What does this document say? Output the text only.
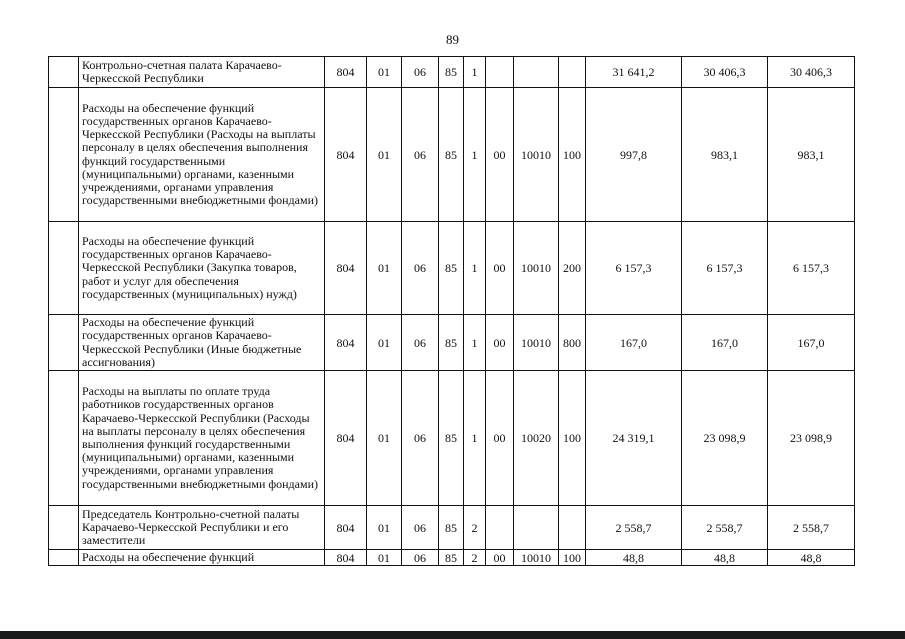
89
	Контрольно-счетная палата Карачаево-Черкесской Республики	804	01	06	85	1				31 641,2	30 406,3	30 406,3
	Расходы на обеспечение функций государственных органов Карачаево-Черкесской Республики (Расходы на выплаты персоналу в целях обеспечения выполнения функций государственными (муниципальными) органами, казенными учреждениями, органами управления государственными внебюджетными фондами)	804	01	06	85	1	00	10010	100	997,8	983,1	983,1
	Расходы на обеспечение функций государственных органов Карачаево-Черкесской Республики (Закупка товаров, работ и услуг для обеспечения государственных (муниципальных) нужд)	804	01	06	85	1	00	10010	200	6 157,3	6 157,3	6 157,3
	Расходы на обеспечение функций государственных органов Карачаево-Черкесской Республики (Иные бюджетные ассигнования)	804	01	06	85	1	00	10010	800	167,0	167,0	167,0
	Расходы на выплаты по оплате труда работников государственных органов Карачаево-Черкесской Республики (Расходы на выплаты персоналу в целях обеспечения выполнения функций государственными (муниципальными) органами, казенными учреждениями, органами управления государственными внебюджетными фондами)	804	01	06	85	1	00	10020	100	24 319,1	23 098,9	23 098,9
	Председатель Контрольно-счетной палаты Карачаево-Черкесской Республики и его заместители	804	01	06	85	2				2 558,7	2 558,7	2 558,7
	Расходы на обеспечение функций	804	01	06	85	2	00	10010	100	48,8	48,8	48,8
